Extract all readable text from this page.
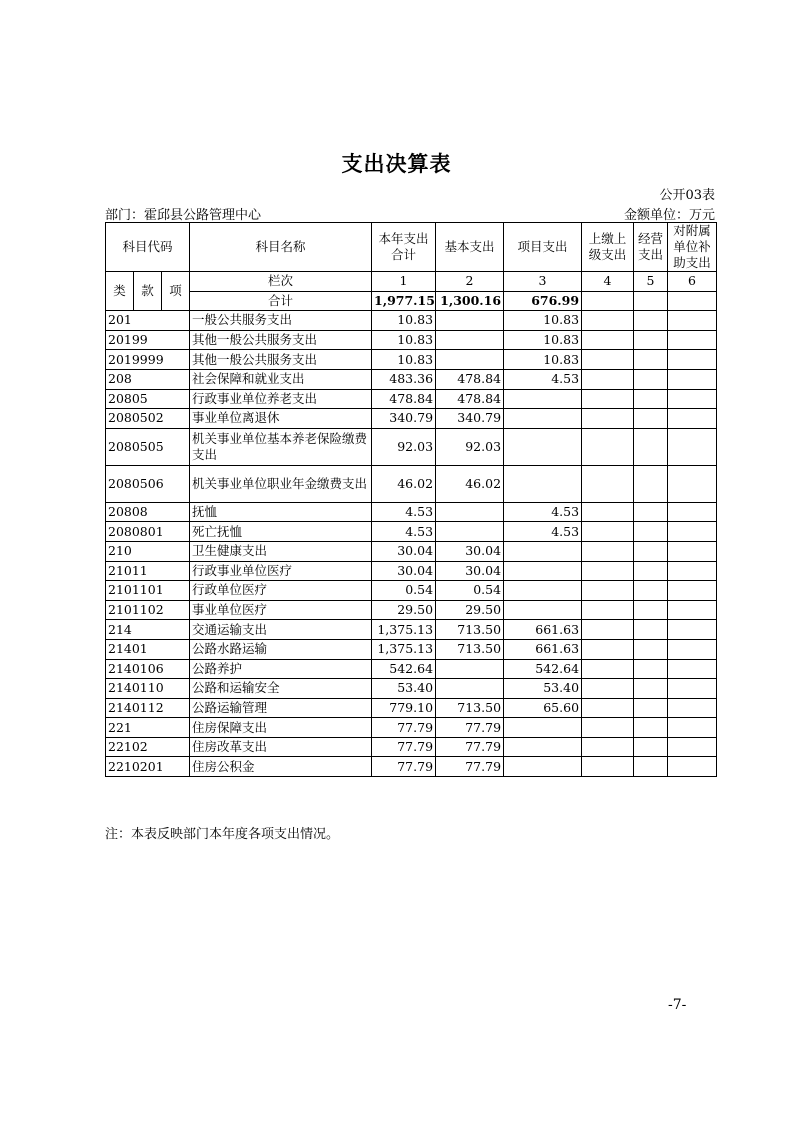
支出决算表
公开03表
部门：霍邱县公路管理中心	金额单位：万元
科目代码			科目名称	本年支出合计	基本支出	项目支出	上缴上级支出	经营支出	对附属单位补助支出
类	款	项	栏次	1	2	3	4	5	6
			合计	1,977.15	1,300.16	676.99			
201			一般公共服务支出	10.83		10.83			
20199			其他一般公共服务支出	10.83		10.83			
2019999			其他一般公共服务支出	10.83		10.83			
208			社会保障和就业支出	483.36	478.84	4.53			
20805			行政事业单位养老支出	478.84	478.84				
2080502			事业单位离退休	340.79	340.79				
2080505			机关事业单位基本养老保险缴费支出	92.03	92.03				
2080506			机关事业单位职业年金缴费支出	46.02	46.02				
20808			抚恤	4.53		4.53			
2080801			死亡抚恤	4.53		4.53			
210			卫生健康支出	30.04	30.04				
21011			行政事业单位医疗	30.04	30.04				
2101101			行政单位医疗	0.54	0.54				
2101102			事业单位医疗	29.50	29.50				
214			交通运输支出	1,375.13	713.50	661.63			
21401			公路水路运输	1,375.13	713.50	661.63			
2140106			公路养护	542.64		542.64			
2140110			公路和运输安全	53.40		53.40			
2140112			公路运输管理	779.10	713.50	65.60			
221			住房保障支出	77.79	77.79				
22102			住房改革支出	77.79	77.79				
2210201			住房公积金	77.79	77.79				
注：本表反映部门本年度各项支出情况。
-7-
